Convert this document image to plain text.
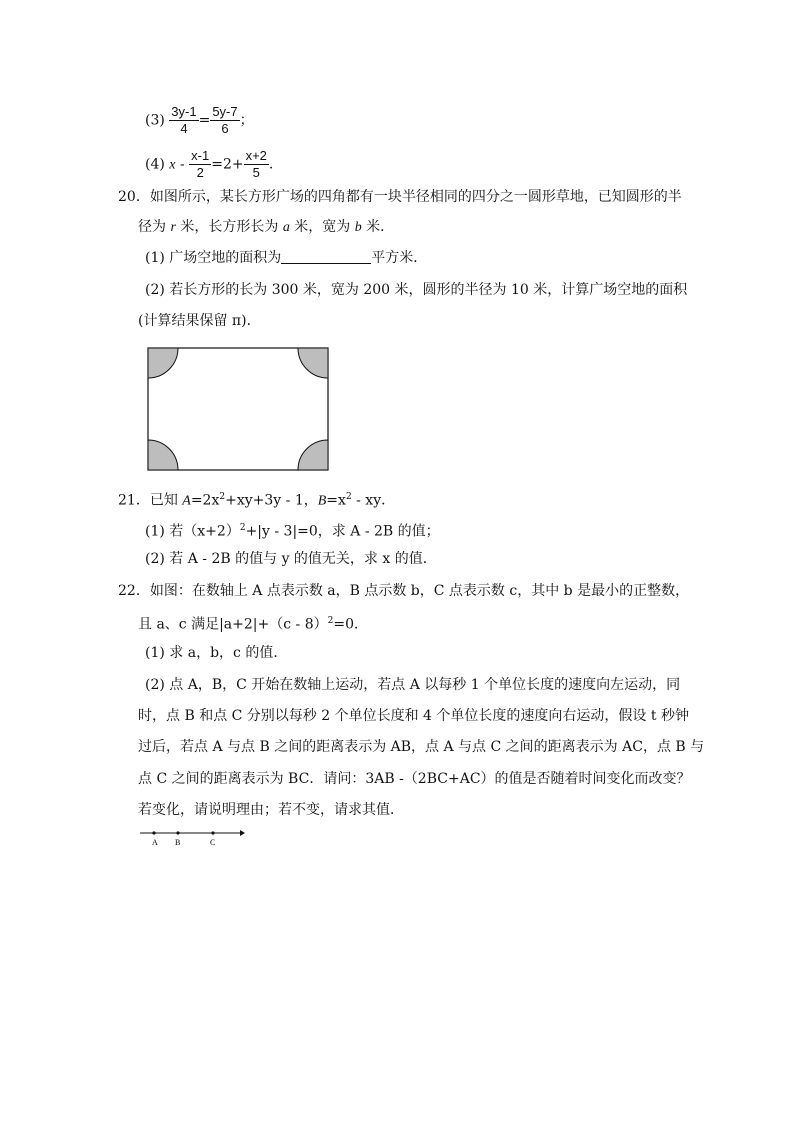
$(3) \frac{3y-1}{4} = \frac{5y-7}{6}$ ；
(4) $x - \frac{x-1}{2} =2+ \frac{x+2}{5}$ .
20．如图所示，某长方形广场的四角都有一块半径相同的四分之一圆形草地，已知圆形的半
径为 r 米，长方形长为 a 米，宽为 b 米．
(1) 广场空地的面积为	平方米．
(2) 若长方形的长为 300 米，宽为 200 米，圆形的半径为 10 米，计算广场空地的面积
(计算结果保留 π)．
21．已知 $A=2x^2+xy+3y - 1$，$B=x^2$ - xy．
(1) 若$(x+2)^2+|y - 3|=0$，求 A - 2B 的值；
(2) 若 A - 2B 的值与 y 的值无关，求 x 的值．
22．如图：在数轴上 A 点表示数 a，B 点示数 b，C 点表示数 c，其中 b 是最小的正整数，
且 a、c 满足|a+2|+（c - 8）$^2$=0．
(1) 求 a，b，c 的值．
(2) 点 A，B，C 开始在数轴上运动，若点 A 以每秒 1 个单位长度的速度向左运动，同
时，点 B 和点 C 分别以每秒 2 个单位长度和 4 个单位长度的速度向右运动，假设 t 秒钟
过后，若点 A 与点 B 之间的距离表示为 AB，点 A 与点 C 之间的距离表示为 AC，点 B 与
点 C 之间的距离表示为 BC．请问：3AB -（2BC+AC）的值是否随着时间变化而改变？
若变化，请说明理由；若不变，请求其值．
A B	C
